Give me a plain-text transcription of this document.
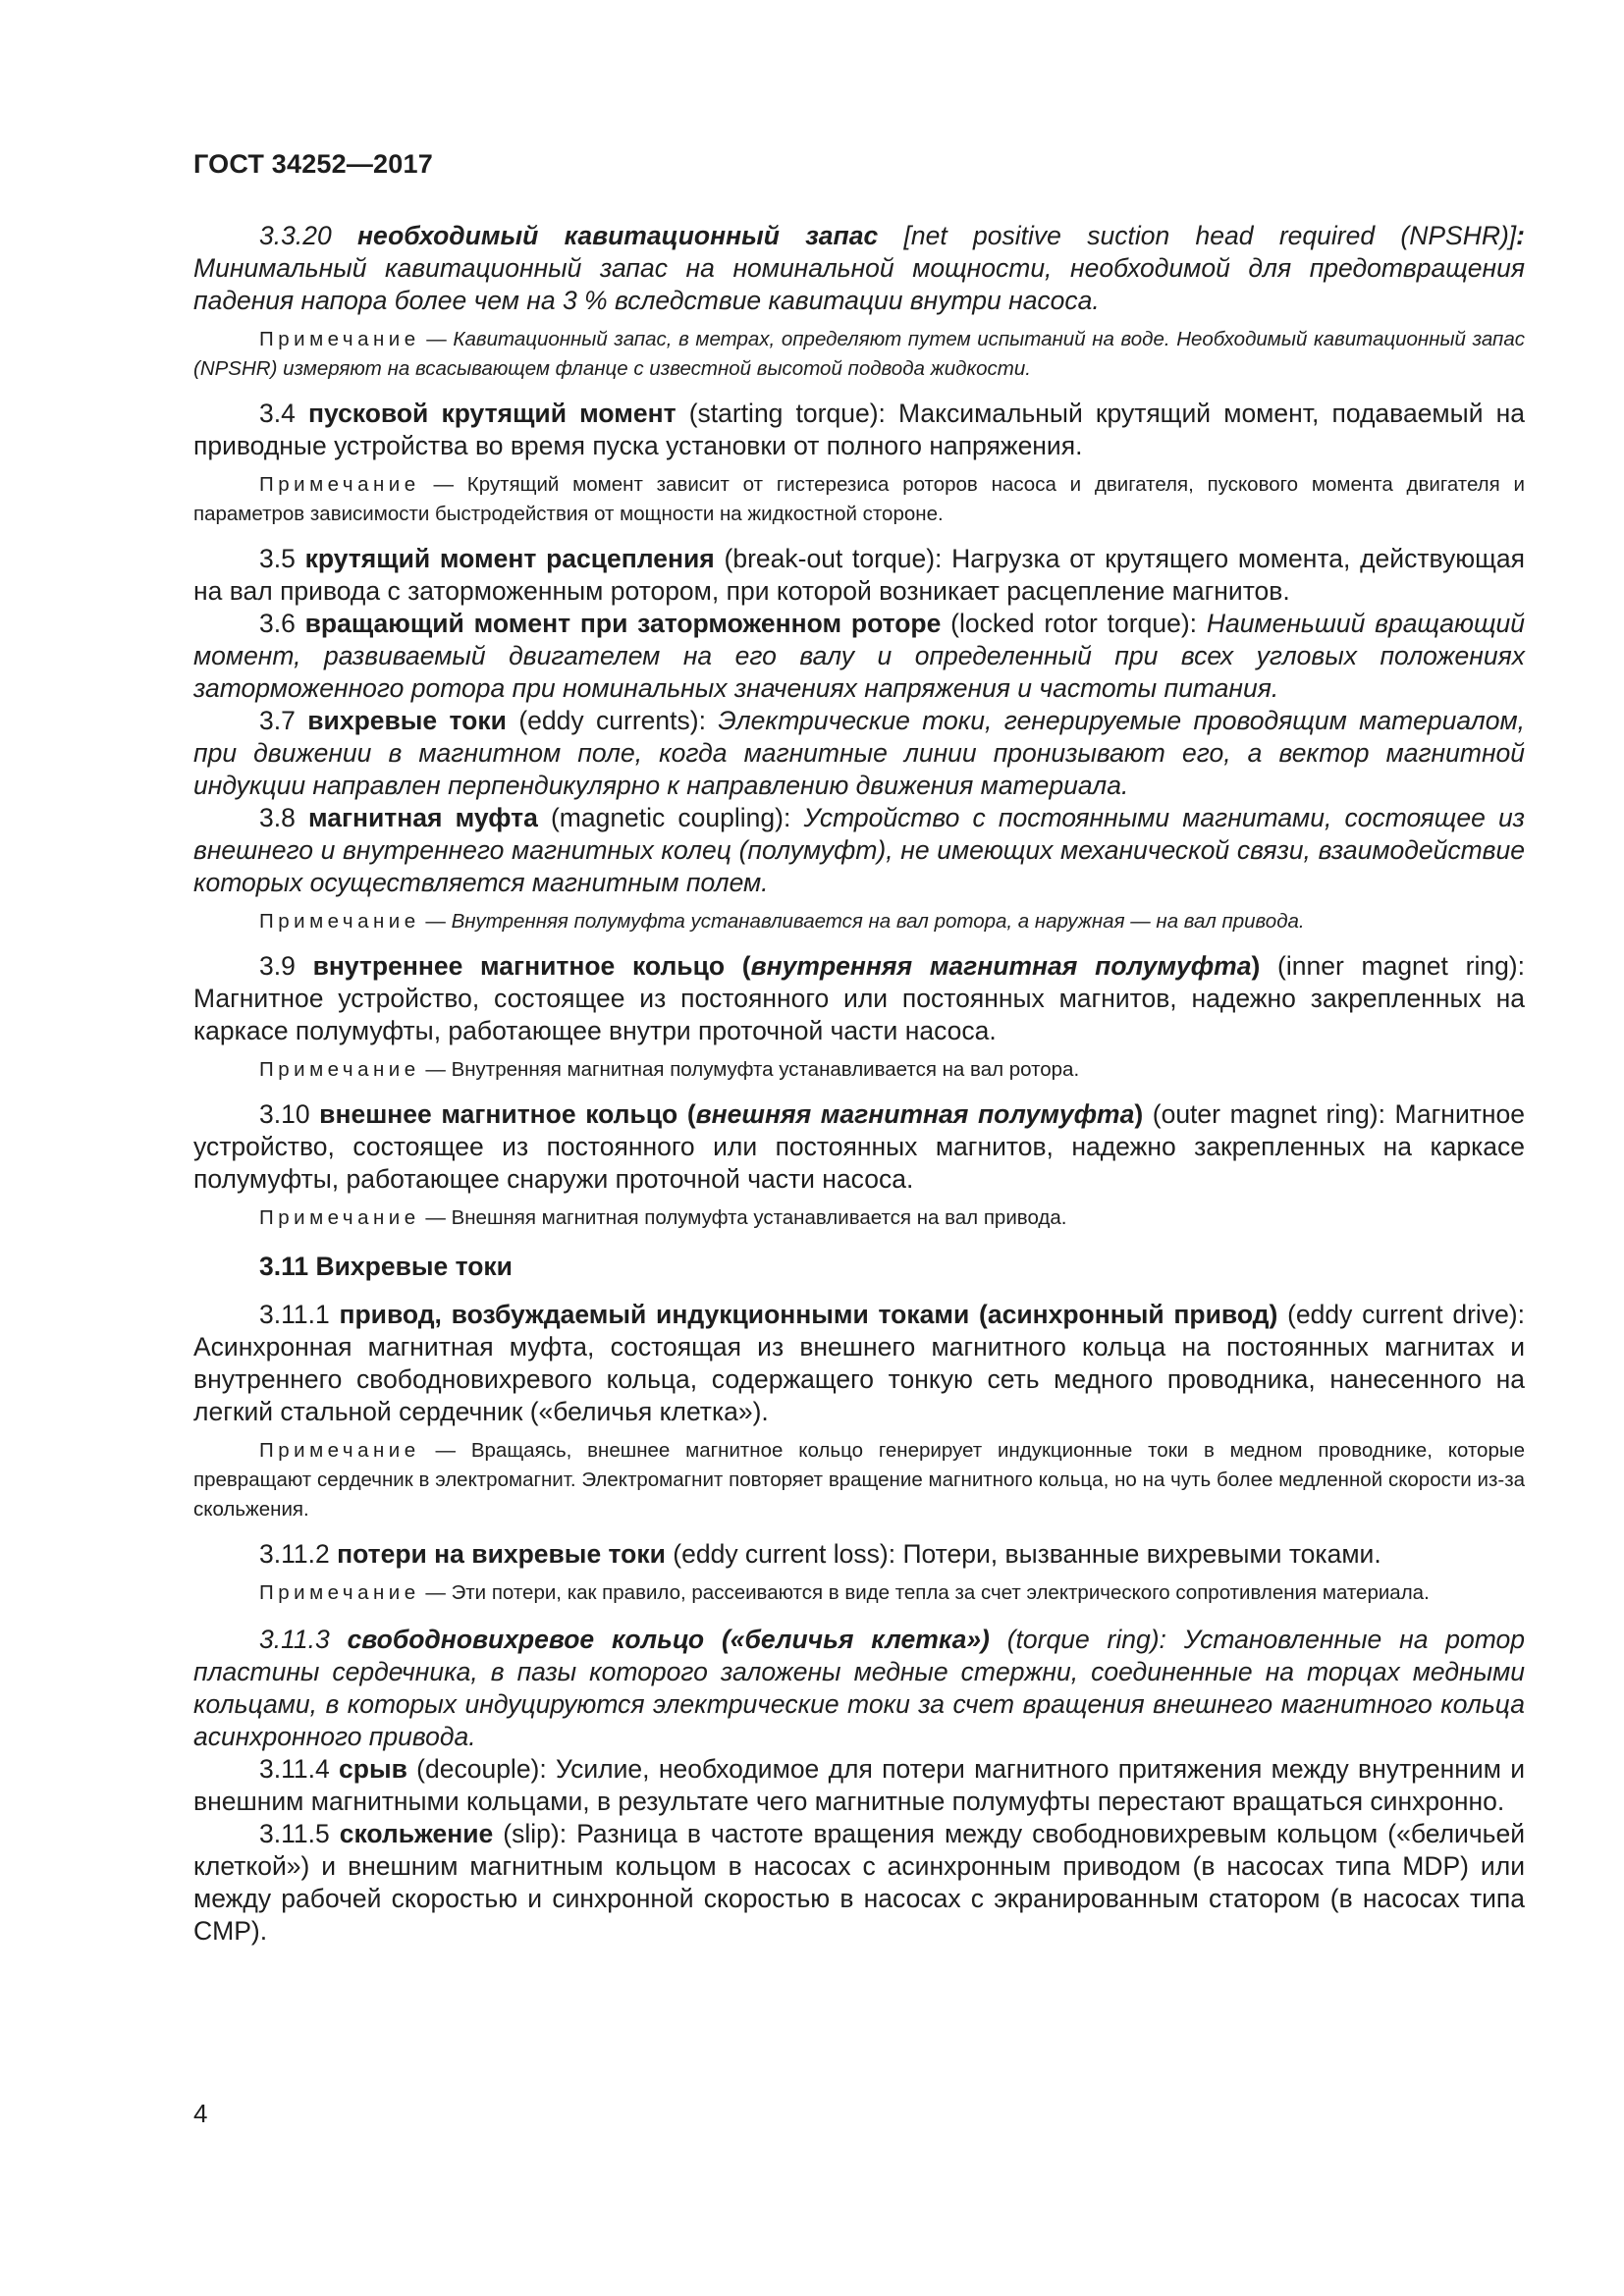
ГОСТ 34252—2017

3.3.20 необходимый кавитационный запас [net positive suction head required (NPSHR)]: Минимальный кавитационный запас на номинальной мощности, необходимой для предотвращения падения напора более чем на 3 % вследствие кавитации внутри насоса.

Примечание — Кавитационный запас, в метрах, определяют путем испытаний на воде. Необходимый кавитационный запас (NPSHR) измеряют на всасывающем фланце с известной высотой подвода жидкости.

3.4 пусковой крутящий момент (starting torque): Максимальный крутящий момент, подаваемый на приводные устройства во время пуска установки от полного напряжения.

Примечание — Крутящий момент зависит от гистерезиса роторов насоса и двигателя, пускового момента двигателя и параметров зависимости быстродействия от мощности на жидкостной стороне.

3.5 крутящий момент расцепления (break-out torque): Нагрузка от крутящего момента, действующая на вал привода с заторможенным ротором, при которой возникает расцепление магнитов.

3.6 вращающий момент при заторможенном роторе (locked rotor torque): Наименьший вращающий момент, развиваемый двигателем на его валу и определенный при всех угловых положениях заторможенного ротора при номинальных значениях напряжения и частоты питания.

3.7 вихревые токи (eddy currents): Электрические токи, генерируемые проводящим материалом, при движении в магнитном поле, когда магнитные линии пронизывают его, а вектор магнитной индукции направлен перпендикулярно к направлению движения материала.

3.8 магнитная муфта (magnetic coupling): Устройство с постоянными магнитами, состоящее из внешнего и внутреннего магнитных колец (полумуфт), не имеющих механической связи, взаимодействие которых осуществляется магнитным полем.

Примечание — Внутренняя полумуфта устанавливается на вал ротора, а наружная — на вал привода.

3.9 внутреннее магнитное кольцо (внутренняя магнитная полумуфта) (inner magnet ring): Магнитное устройство, состоящее из постоянного или постоянных магнитов, надежно закрепленных на каркасе полумуфты, работающее внутри проточной части насоса.

Примечание — Внутренняя магнитная полумуфта устанавливается на вал ротора.

3.10 внешнее магнитное кольцо (внешняя магнитная полумуфта) (outer magnet ring): Магнитное устройство, состоящее из постоянного или постоянных магнитов, надежно закрепленных на каркасе полумуфты, работающее снаружи проточной части насоса.

Примечание — Внешняя магнитная полумуфта устанавливается на вал привода.

3.11 Вихревые токи

3.11.1 привод, возбуждаемый индукционными токами (асинхронный привод) (eddy current drive): Асинхронная магнитная муфта, состоящая из внешнего магнитного кольца на постоянных магнитах и внутреннего свободновихревого кольца, содержащего тонкую сеть медного проводника, нанесенного на легкий стальной сердечник («беличья клетка»).

Примечание — Вращаясь, внешнее магнитное кольцо генерирует индукционные токи в медном проводнике, которые превращают сердечник в электромагнит. Электромагнит повторяет вращение магнитного кольца, но на чуть более медленной скорости из-за скольжения.

3.11.2 потери на вихревые токи (eddy current loss): Потери, вызванные вихревыми токами.

Примечание — Эти потери, как правило, рассеиваются в виде тепла за счет электрического сопротивления материала.

3.11.3 свободновихревое кольцо («беличья клетка») (torque ring): Установленные на ротор пластины сердечника, в пазы которого заложены медные стержни, соединенные на торцах медными кольцами, в которых индуцируются электрические токи за счет вращения внешнего магнитного кольца асинхронного привода.

3.11.4 срыв (decouple): Усилие, необходимое для потери магнитного притяжения между внутренним и внешним магнитными кольцами, в результате чего магнитные полумуфты перестают вращаться синхронно.

3.11.5 скольжение (slip): Разница в частоте вращения между свободновихревым кольцом («беличьей клеткой») и внешним магнитным кольцом в насосах с асинхронным приводом (в насосах типа MDP) или между рабочей скоростью и синхронной скоростью в насосах с экранированным статором (в насосах типа CMP).

4
